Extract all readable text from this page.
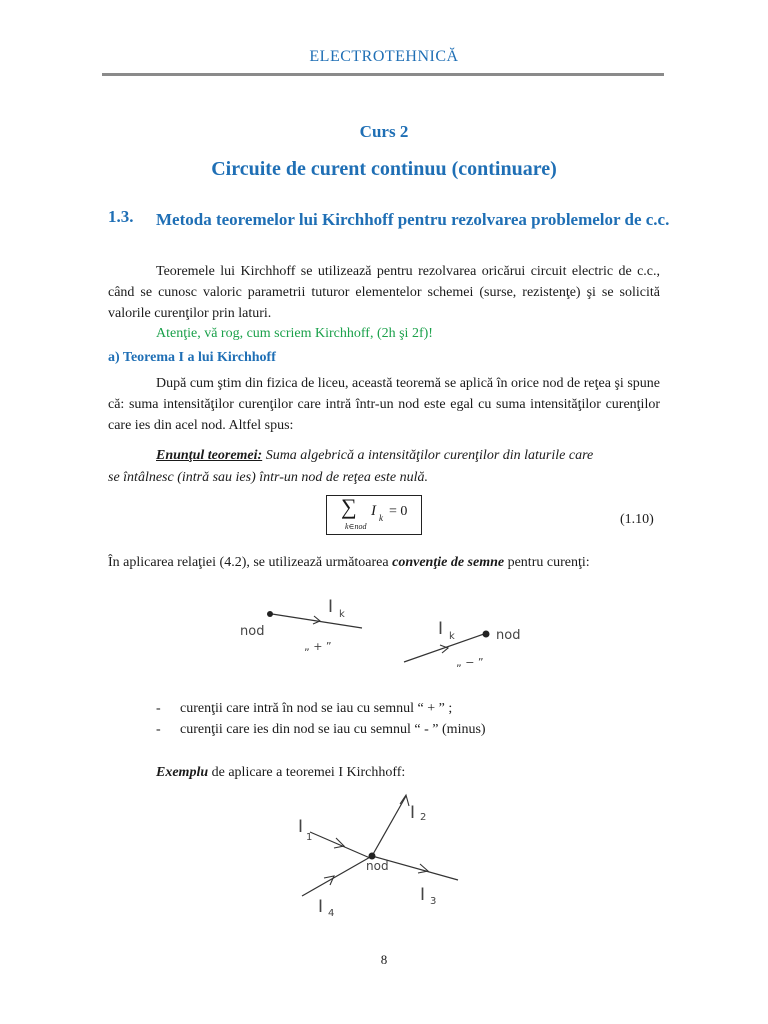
ELECTROTEHNICĂ
Curs 2
Circuite de curent continuu (continuare)
1.3. Metoda teoremelor lui Kirchhoff pentru rezolvarea problemelor de c.c.
Teoremele lui Kirchhoff se utilizează pentru rezolvarea oricărui circuit electric de c.c., când se cunosc valoric parametrii tuturor elementelor schemei (surse, rezistenţe) şi se solicită valorile curenţilor prin laturi.
Atenţie, vă rog, cum scriem Kirchhoff, (2h şi 2f)!
a) Teorema I a lui Kirchhoff
După cum ştim din fizica de liceu, această teoremă se aplică în orice nod de reţea şi spune că: suma intensităţilor curenţilor care intră într-un nod este egal cu suma intensităţilor curenţilor care ies din acel nod. Altfel spus:
Enunţul teoremei: Suma algebrică a intensităţilor curenţilor din laturile care
se întâlnesc (intră sau ies) într-un nod de reţea este nulă.
∑ I k = 0
k∈nod	(1.10)
În aplicarea relaţiei (4.2), se utilizează următoarea convenţie de semne pentru curenţi:
nod
I k
„ + ”
nod
I k
„ − ”
- curenţii care intră în nod se iau cu semnul “ + ” ;
- curenţii care ies din nod se iau cu semnul “ - ” (minus)
Exemplu de aplicare a teoremei I Kirchhoff:
nod
I
1
I 2
I 3
I 4
8
